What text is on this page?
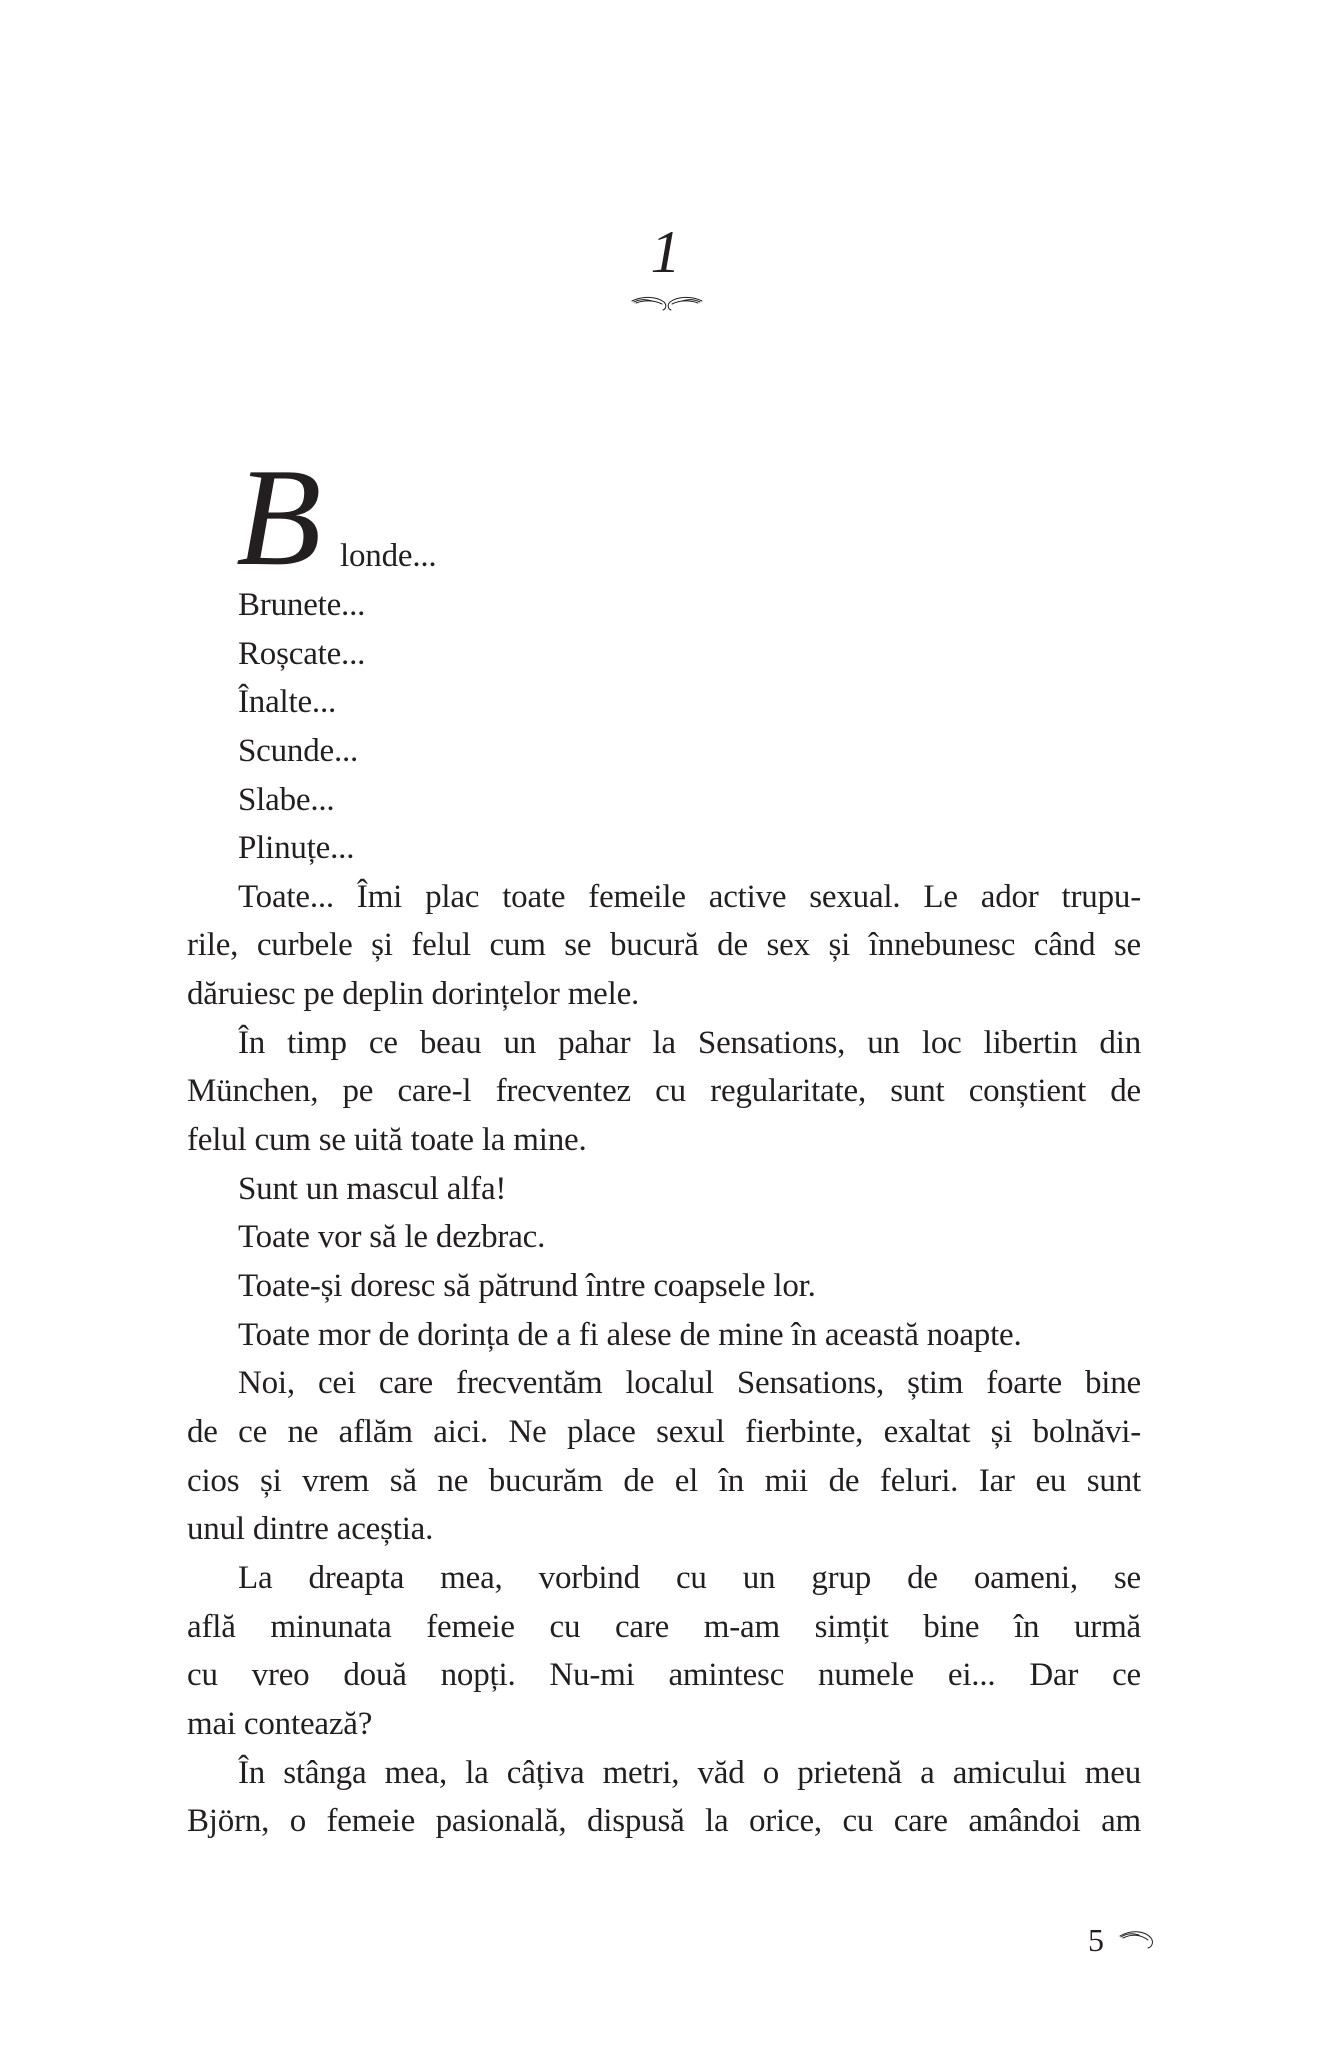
1
B londe...
Brunete...
Roșcate...
Înalte...
Scunde...
Slabe...
Plinuțe...
Toate... Îmi plac toate femeile active sexual. Le ador trupu-
rile, curbele și felul cum se bucură de sex și înnebunesc când se
dăruiesc pe deplin dorințelor mele.
În timp ce beau un pahar la Sensations, un loc libertin din
München, pe care-l frecventez cu regularitate, sunt conștient de
felul cum se uită toate la mine.
Sunt un mascul alfa!
Toate vor să le dezbrac.
Toate-și doresc să pătrund între coapsele lor.
Toate mor de dorința de a fi alese de mine în această noapte.
Noi, cei care frecventăm localul Sensations, știm foarte bine
de ce ne aflăm aici. Ne place sexul fierbinte, exaltat și bolnăvi-
cios și vrem să ne bucurăm de el în mii de feluri. Iar eu sunt
unul dintre aceștia.
La dreapta mea, vorbind cu un grup de oameni, se
află minunata femeie cu care m-am simțit bine în urmă
cu vreo două nopți. Nu-mi amintesc numele ei... Dar ce
mai contează?
În stânga mea, la câțiva metri, văd o prietenă a amicului meu
Björn, o femeie pasională, dispusă la orice, cu care amândoi am
5
